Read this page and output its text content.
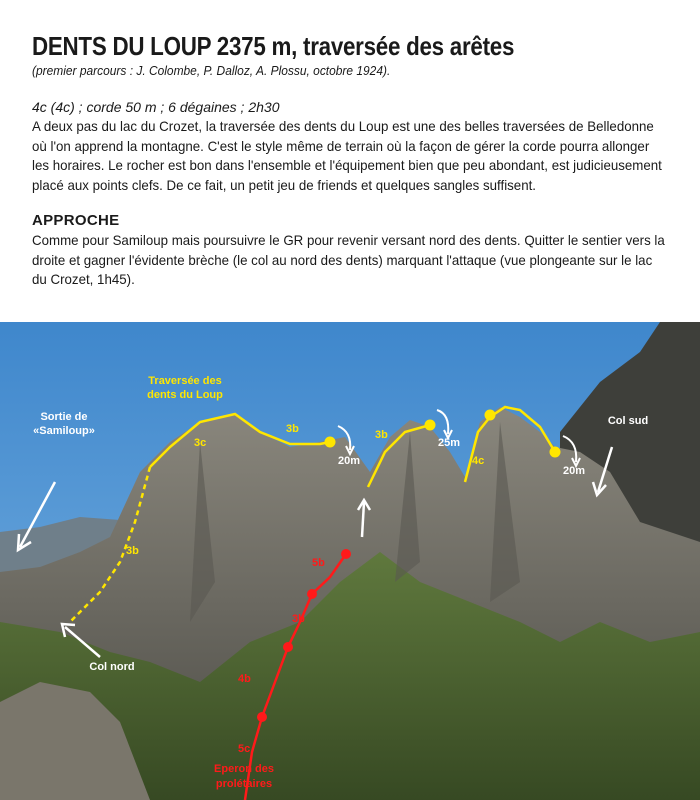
DENTS DU LOUP 2375 m, traversée des arêtes

(premier parcours : J. Colombe, P. Dalloz, A. Plossu, octobre 1924).

4c (4c) ; corde 50 m ; 6 dégaines ; 2h30

A deux pas du lac du Crozet, la traversée des dents du Loup est une des belles traversées de Belledonne où l'on apprend la montagne. C'est le style même de terrain où la façon de gérer la corde pourra allonger les horaires. Le rocher est bon dans l'ensemble et l'équipement bien que peu abondant, est judicieusement placé aux points clefs. De ce fait, un petit jeu de friends et quelques sangles suffisent.

APPROCHE

Comme pour Samiloup mais poursuivre le GR pour revenir versant nord des dents. Quitter le sentier vers la droite et gagner l'évidente brèche (le col au nord des dents) marquant l'attaque (vue plongeante sur le lac du Crozet, 1h45).

Traversée des
dents du Loup
Sortie de
«Samiloup»
Col sud
Col nord
Eperon des
prolétaires
3c
3b	3b
3b
4c
5b
3b
4b
5c
20m
25m
20m
